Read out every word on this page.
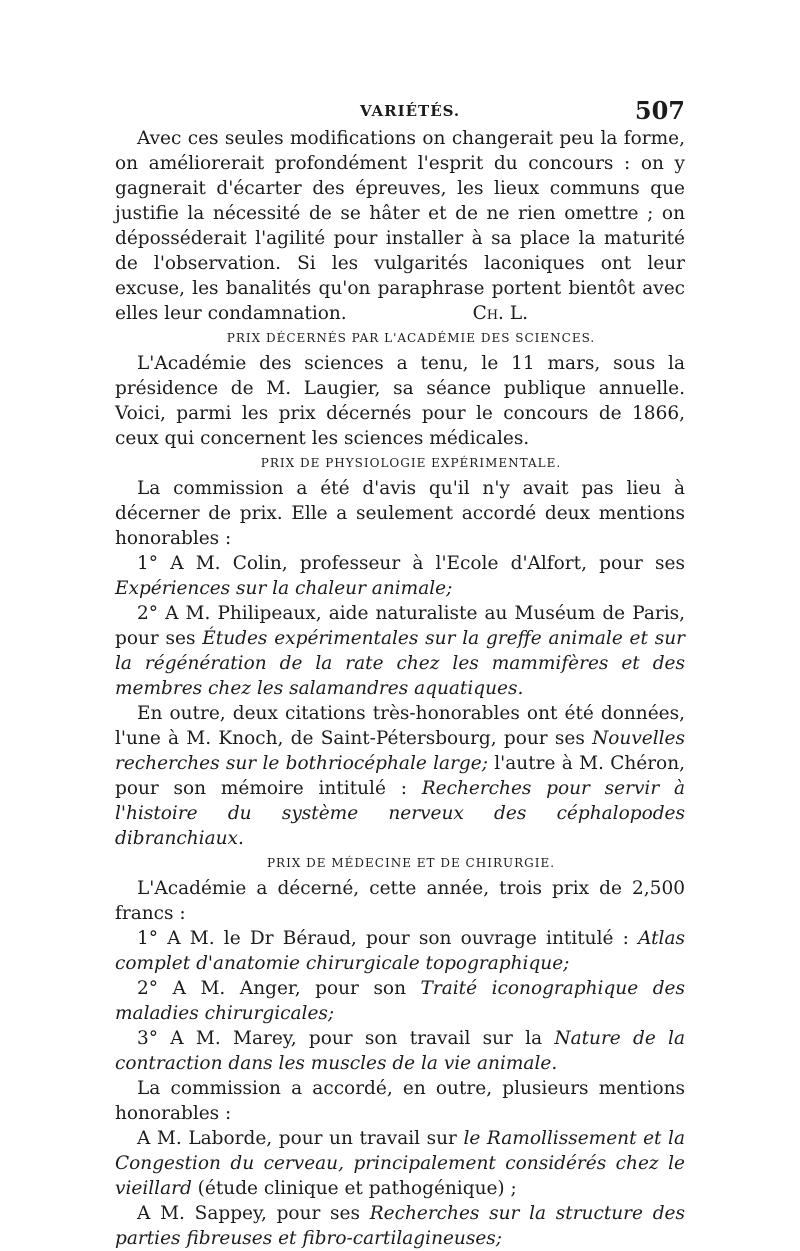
VARIÉTÉS.	507

Avec ces seules modifications on changerait peu la forme, on améliorerait profondément l'esprit du concours : on y gagnerait d'écarter des épreuves, les lieux communs que justifie la nécessité de se hâter et de ne rien omettre ; on déposséderait l'agilité pour installer à sa place la maturité de l'observation. Si les vulgarités laconiques ont leur excuse, les banalités qu'on paraphrase portent bientôt avec elles leur condamnation.	Ch. L.

PRIX DÉCERNÉS PAR L'ACADÉMIE DES SCIENCES.

L'Académie des sciences a tenu, le 11 mars, sous la présidence de M. Laugier, sa séance publique annuelle. Voici, parmi les prix décernés pour le concours de 1866, ceux qui concernent les sciences médicales.

PRIX DE PHYSIOLOGIE EXPÉRIMENTALE.

La commission a été d'avis qu'il n'y avait pas lieu à décerner de prix. Elle a seulement accordé deux mentions honorables :

1° A M. Colin, professeur à l'Ecole d'Alfort, pour ses Expériences sur la chaleur animale;

2° A M. Philipeaux, aide naturaliste au Muséum de Paris, pour ses Études expérimentales sur la greffe animale et sur la régénération de la rate chez les mammifères et des membres chez les salamandres aquatiques.

En outre, deux citations très-honorables ont été données, l'une à M. Knoch, de Saint-Pétersbourg, pour ses Nouvelles recherches sur le bothriocéphale large; l'autre à M. Chéron, pour son mémoire intitulé : Recherches pour servir à l'histoire du système nerveux des céphalopodes dibranchiaux.

PRIX DE MÉDECINE ET DE CHIRURGIE.

L'Académie a décerné, cette année, trois prix de 2,500 francs :

1° A M. le Dr Béraud, pour son ouvrage intitulé : Atlas complet d'anatomie chirurgicale topographique;

2° A M. Anger, pour son Traité iconographique des maladies chirurgicales;

3° A M. Marey, pour son travail sur la Nature de la contraction dans les muscles de la vie animale.

La commission a accordé, en outre, plusieurs mentions honorables :

A M. Laborde, pour un travail sur le Ramollissement et la Congestion du cerveau, principalement considérés chez le vieillard (étude clinique et pathogénique) ;

A M. Sappey, pour ses Recherches sur la structure des parties fibreuses et fibro-cartilagineuses;
